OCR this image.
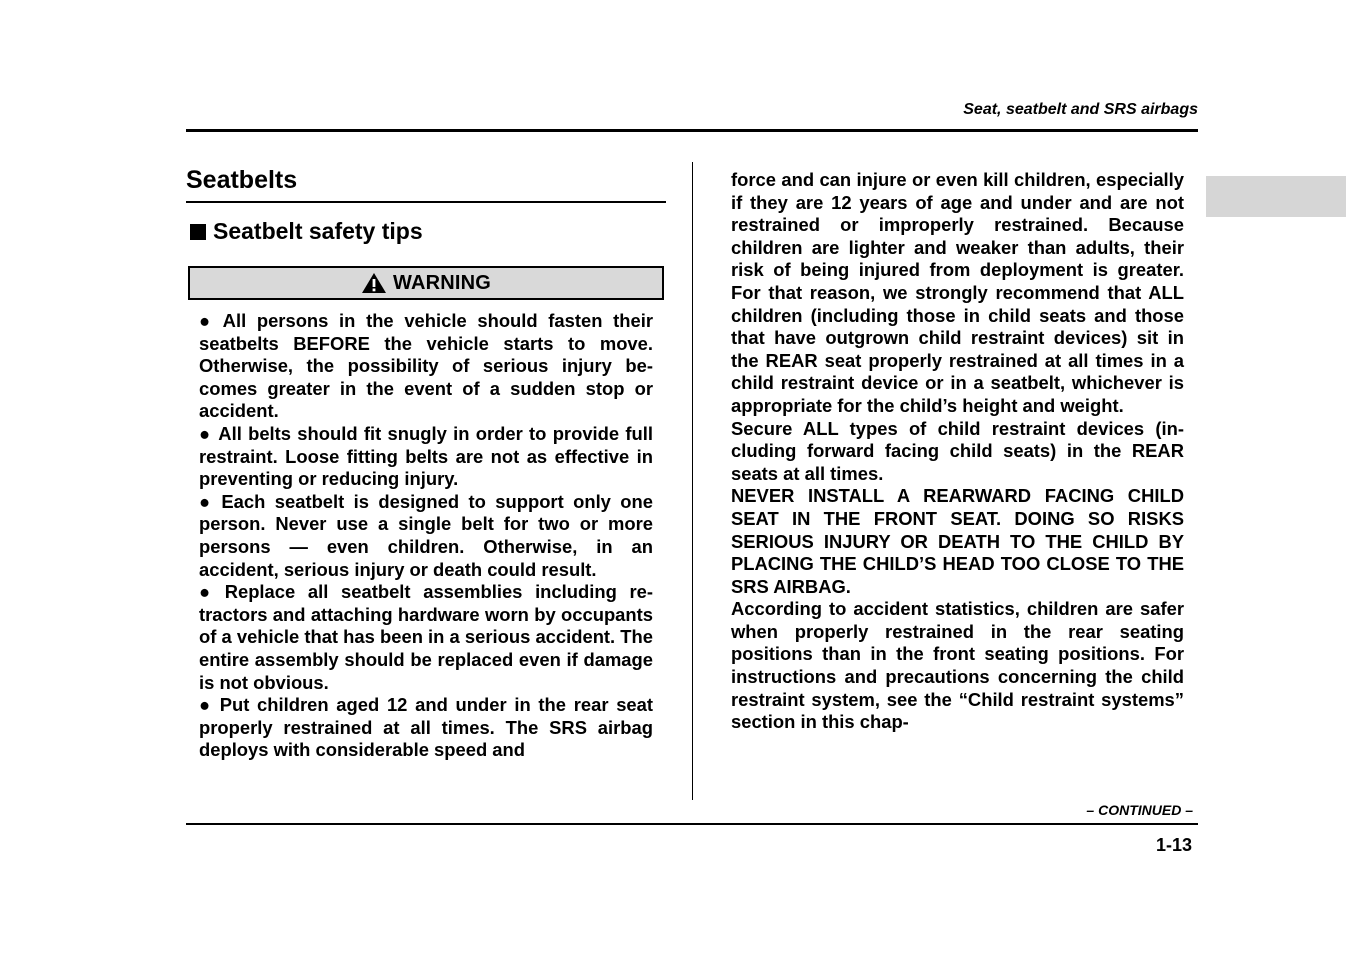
Seat, seatbelt and SRS airbags
Seatbelts
Seatbelt safety tips
WARNING

● All persons in the vehicle should fasten their seatbelts BEFORE the vehicle starts to move. Otherwise, the possibility of serious injury becomes greater in the event of a sudden stop or accident.

● All belts should fit snugly in order to provide full restraint. Loose fitting belts are not as effective in preventing or reducing injury.

● Each seatbelt is designed to support only one person. Never use a single belt for two or more persons — even children. Otherwise, in an accident, serious injury or death could result.

● Replace all seatbelt assemblies including retractors and attaching hardware worn by occupants of a vehicle that has been in a serious accident. The entire assembly should be replaced even if damage is not obvious.

● Put children aged 12 and under in the rear seat properly restrained at all times. The SRS airbag deploys with considerable speed and

force and can injure or even kill children, especially if they are 12 years of age and under and are not restrained or improperly restrained. Because children are lighter and weaker than adults, their risk of being injured from deployment is greater. For that reason, we strongly recommend that ALL children (including those in child seats and those that have outgrown child restraint devices) sit in the REAR seat properly restrained at all times in a child restraint device or in a seatbelt, whichever is appropriate for the child’s height and weight.

Secure ALL types of child restraint devices (including forward facing child seats) in the REAR seats at all times.

NEVER INSTALL A REARWARD FACING CHILD SEAT IN THE FRONT SEAT. DOING SO RISKS SERIOUS INJURY OR DEATH TO THE CHILD BY PLACING THE CHILD’S HEAD TOO CLOSE TO THE SRS AIRBAG.

According to accident statistics, children are safer when properly restrained in the rear seating positions than in the front seating positions. For instructions and precautions concerning the child restraint system, see the “Child restraint systems” section in this chap-

– CONTINUED –
1-13
